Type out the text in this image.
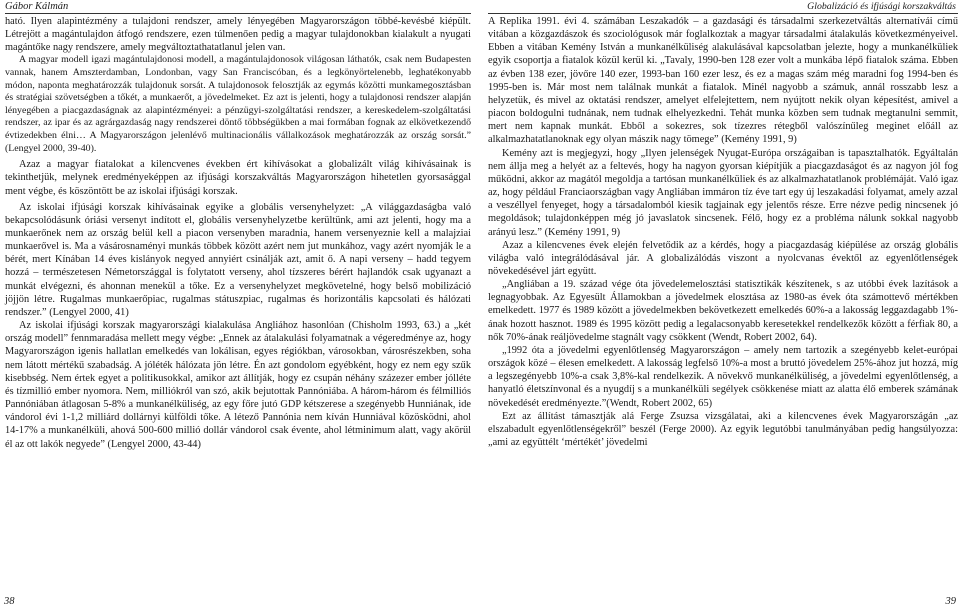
Gábor Kálmán

ható. Ilyen alapintézmény a tulajdoni rendszer, amely lényegében Magyarországon többé-kevésbé kiépült. Létrejött a magántulajdon átfogó rendszere, ezen túlmenően pedig a magyar tulajdonokban kialakult a nyugati magántőke nagy rendszere, amely megváltoztathatatlanul jelen van.

A magyar modell igazi magántulajdonosi modell, a magántulajdonosok világosan láthatók, csak nem Budapesten vannak, hanem Amszterdamban, Londonban, vagy San Franciscóban, és a legkönyörtelenebb, leghatékonyabb módon, naponta meghatározzák tulajdonuk sorsát. A tulajdonosok felosztják az egymás közötti munkamegosztásban és stratégiai szövetségben a tőkét, a munkaerőt, a jövedelmeket. Ez azt is jelenti, hogy a tulajdonosi rendszer alapján lényegében a piacgazdaságnak az alapintézményei: a pénzügyi-szolgáltatási rendszer, a kereskedelem-szolgáltatási rendszer, az ipar és az agrárgazdaság nagy rendszerei döntő többségükben a mai formában fognak az elkövetkezendő évtizedekben élni… A Magyarországon jelenlévő multinacionális vállalkozások meghatározzák az ország sorsát.” (Lengyel 2000, 39-40).

Azaz a magyar fiatalokat a kilencvenes években ért kihívásokat a globalizált világ kihívásainak is tekinthetjük, melynek eredményeképpen az ifjúsági korszakváltás Magyarországon hihetetlen gyorsasággal ment végbe, és köszöntött be az iskolai ifjúsági korszak.

Az iskolai ifjúsági korszak kihívásainak egyike a globális versenyhelyzet: „A világgazdaságba való bekapcsolódásunk óriási versenyt indított el, globális versenyhelyzetbe kerültünk, ami azt jelenti, hogy ma a munkaerőnek nem az ország belül kell a piacon versenyben maradnia, hanem versenyeznie kell a malajziai munkaerővel is. Ma a vásárosnaményi munkás többek között azért nem jut munkához, vagy azért nyomják le a bérét, mert Kínában 14 éves kislányok negyed annyiért csinálják azt, amit ő. A napi verseny – hadd tegyem hozzá – természetesen Németországgal is folytatott verseny, ahol tízszeres bérért hajlandók csak ugyanazt a munkát elvégezni, és ahonnan menekül a tőke. Ez a versenyhelyzet megkövetelné, hogy belső mobilizáció jöjjön létre. Rugalmas munkaerőpiac, rugalmas státuszpiac, rugalmas és horizontális kapcsolati és hálózati rendszer.” (Lengyel 2000, 41)

Az iskolai ifjúsági korszak magyarországi kialakulása Angliához hasonlóan (Chisholm 1993, 63.) a „két ország modell” fennmaradása mellett megy végbe: „Ennek az átalakulási folyamatnak a végeredménye az, hogy Magyarországon igenis hallatlan emelkedés van lokálisan, egyes régiókban, városokban, városrészekben, soha nem látott mértékű szabadság. A jóléték hálózata jön létre. Én azt gondolom egyébként, hogy ez nem egy szűk kisebbség. Nem értek egyet a politikusokkal, amikor azt állítják, hogy ez csupán néhány százezer ember jólléte és tízmillió ember nyomora. Nem, milliókról van szó, akik bejutottak Pannóniába. A három-három és félmilliós Pannóniában átlagosan 5-8% a munkanélküliség, az egy főre jutó GDP kétszerese a szegényebb Hunniának, ide vándorol évi 1-1,2 milliárd dollárnyi külföldi tőke. A létező Pannónia nem kíván Hunniával közösködni, ahol 14-17% a munkanélküli, ahová 500-600 millió dollár vándorol csak évente, ahol létminimum alatt, vagy akörül él az ott lakók negyede” (Lengyel 2000, 43-44)

38
Globalizáció és ifjúsági korszakváltás

A Replika 1991. évi 4. számában Leszakadók – a gazdasági és társadalmi szerkezetváltás alternatívái című vitában a közgazdászok és szociológusok már foglalkoztak a magyar társadalmi átalakulás következményeivel. Ebben a vitában Kemény István a munkanélküliség alakulásával kapcsolatban jelezte, hogy a munkanélküliek egyik csoportja a fiatalok közül kerül ki. „Tavaly, 1990-ben 128 ezer volt a munkába lépő fiatalok száma. Ebben az évben 138 ezer, jövőre 140 ezer, 1993-ban 160 ezer lesz, és ez a magas szám még maradni fog 1994-ben és 1995-ben is. Már most nem találnak munkát a fiatalok. Minél nagyobb a számuk, annál rosszabb lesz a helyzetük, és mivel az oktatási rendszer, amelyet elfelejtettem, nem nyújtott nekik olyan képesítést, amivel a piacon boldogulni tudnának, nem tudnak elhelyezkedni. Tehát munka közben sem tudnak megtanulni semmit, mert nem kapnak munkát. Ebből a sokezres, sok tízezres rétegből valószínűleg meginet előáll az alkalmazhatatlanoknak egy olyan mászik nagy tömege” (Kemény 1991, 9)

Kemény azt is megjegyzi, hogy „Ilyen jelenségek Nyugat-Európa országaiban is tapasztalhatók. Egyáltalán nem állja meg a helyét az a feltevés, hogy ha nagyon gyorsan kiépítjük a piacgazdaságot és az nagyon jól fog működni, akkor az magától megoldja a tartósan munkanélküliek és az alkalmazhatatlanok problémáját. Való igaz az, hogy például Franciaországban vagy Angliában immáron tíz éve tart egy új leszakadási folyamat, amely azzal a veszéllyel fenyeget, hogy a társadalomból kiesik tagjainak egy jelentős része. Erre nézve pedig nincsenek jó megoldások; tulajdonképpen még jó javaslatok sincsenek. Félő, hogy ez a probléma nálunk sokkal nagyobb arányú lesz.” (Kemény 1991, 9)

Azaz a kilencvenes évek elején felvetődik az a kérdés, hogy a piacgazdaság kiépülése az ország globális világba való integrálódásával jár. A globalizálódás viszont a nyolcvanas évektől az egyenlőtlenségek növekedésével járt együtt.

„Angliában a 19. század vége óta jövedelemelosztási statisztikák készítenek, s az utóbbi évek lazítások a legnagyobbak. Az Egyesült Államokban a jövedelmek elosztása az 1980-as évek óta számottevő mértékben emelkedett. 1977 és 1989 között a jövedelmekben bekövetkezett emelkedés 60%-a a lakosság leggazdagabb 1%-ának hozott hasznot. 1989 és 1995 között pedig a legalacsonyabb keresetekkel rendelkezők között a férfiak 80, a nők 70%-ának reáljövedelme stagnált vagy csökkent (Wendt, Robert 2002, 64).

„1992 óta a jövedelmi egyenlőtlenség Magyarországon – amely nem tartozik a szegényebb kelet-európai országok közé – élesen emelkedett. A lakosság legfelső 10%-a most a bruttó jövedelem 25%-ához jut hozzá, míg a legszegényebb 10%-a csak 3,8%-kal rendelkezik. A növekvő munkanélküliség, a jövedelmi egyenlőtlenség, a hanyatló életszínvonal és a nyugdíj s a munkanélküli segélyek csökkenése miatt az alatta élő emberek számának növekedését eredményezte.”(Wendt, Robert 2002, 65)

Ezt az állítást támasztják alá Ferge Zsuzsa vizsgálatai, aki a kilencvenes évek Magyarországán „az elszabadult egyenlőtlenségekről” beszél (Ferge 2000). Az egyik legutóbbi tanulmányában pedig hangsúlyozza: „ami az együttélt ‘mértékét’ jövedelmi

39
